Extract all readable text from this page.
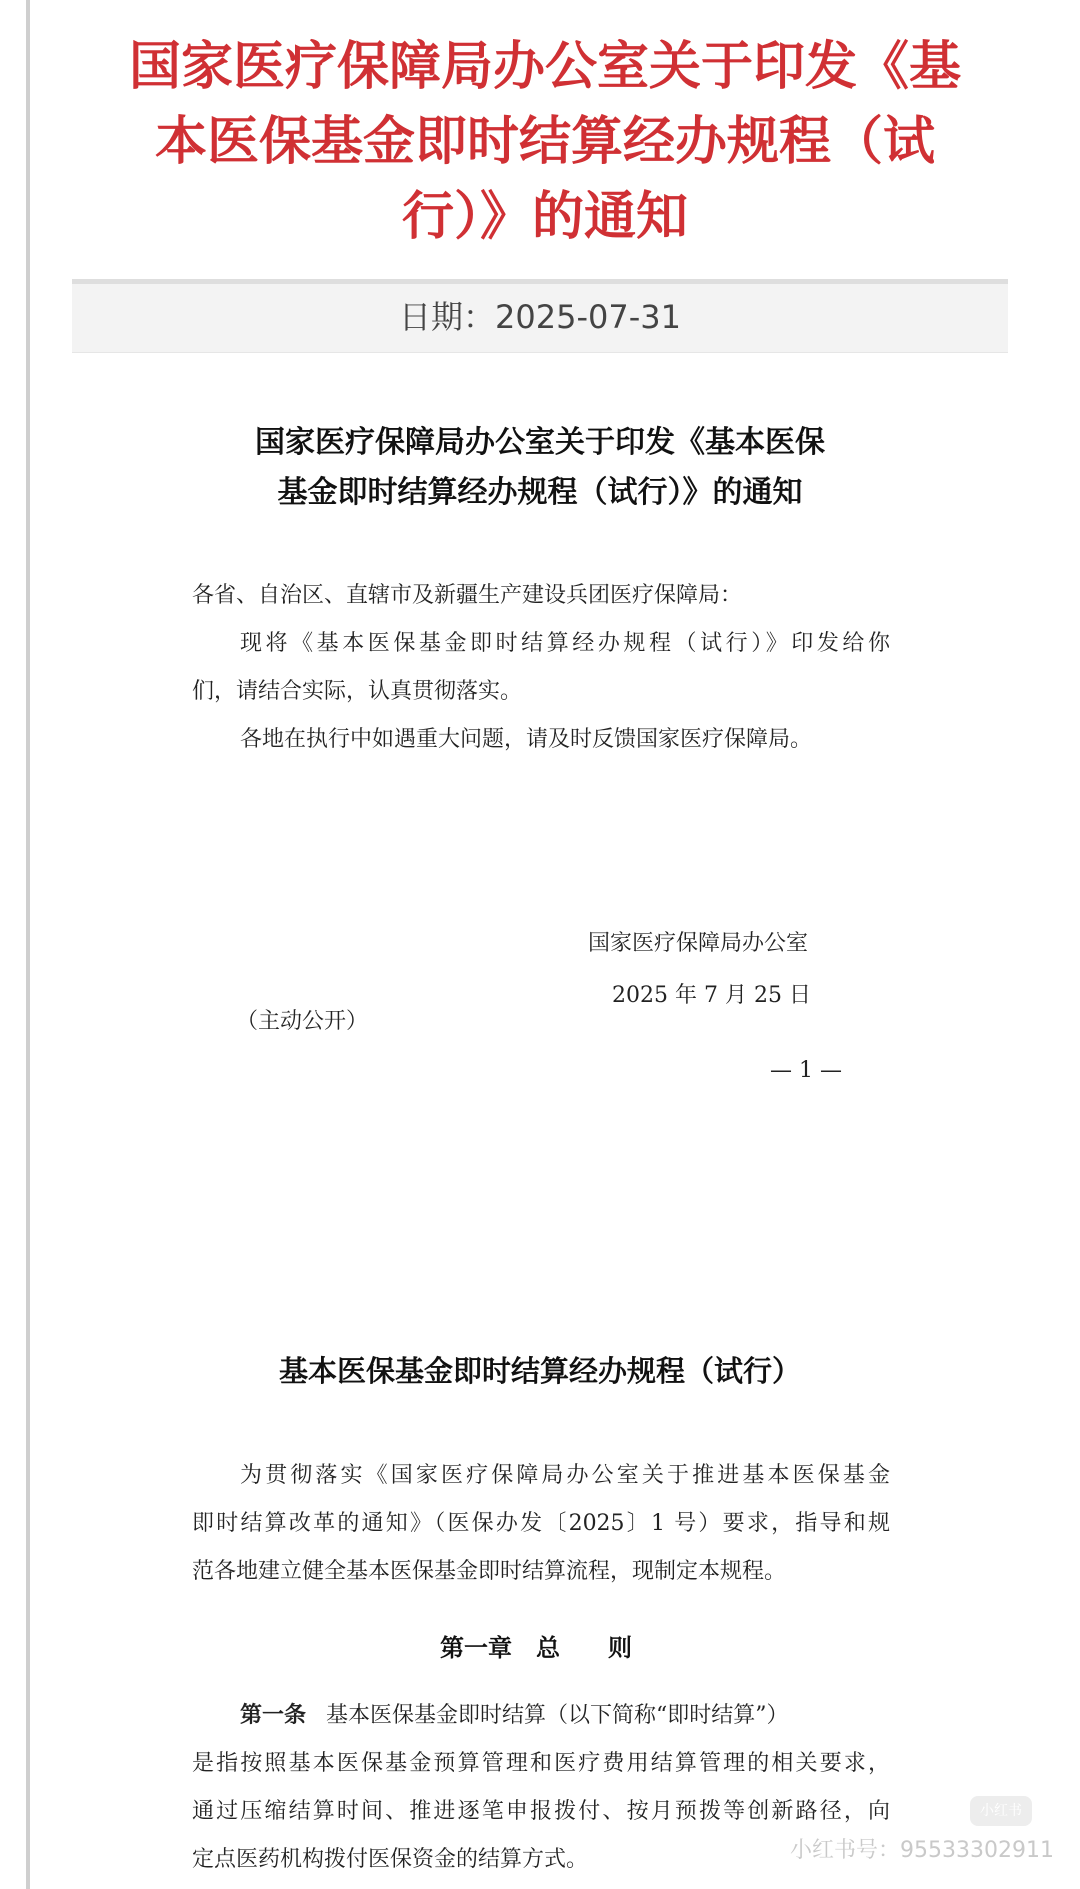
国家医疗保障局办公室关于印发《基
本医保基金即时结算经办规程（试
行）》的通知
日期：2025-07-31
国家医疗保障局办公室关于印发《基本医保
基金即时结算经办规程（试行）》的通知
各省、自治区、直辖市及新疆生产建设兵团医疗保障局：
现将《基本医保基金即时结算经办规程（试行）》印发给你
们，请结合实际，认真贯彻落实。
各地在执行中如遇重大问题，请及时反馈国家医疗保障局。
国家医疗保障局办公室
2025 年 7 月 25 日
（主动公开）
— 1 —
基本医保基金即时结算经办规程（试行）
为贯彻落实《国家医疗保障局办公室关于推进基本医保基金
即时结算改革的通知》（医保办发〔2025〕1 号）要求，指导和规
范各地建立健全基本医保基金即时结算流程，现制定本规程。
第一章　总　　则
第一条 基本医保基金即时结算（以下简称“即时结算”）
是指按照基本医保基金预算管理和医疗费用结算管理的相关要求，
通过压缩结算时间、推进逐笔申报拨付、按月预拨等创新路径，向
定点医药机构拨付医保资金的结算方式。
小红书
小红书号：95533302911
